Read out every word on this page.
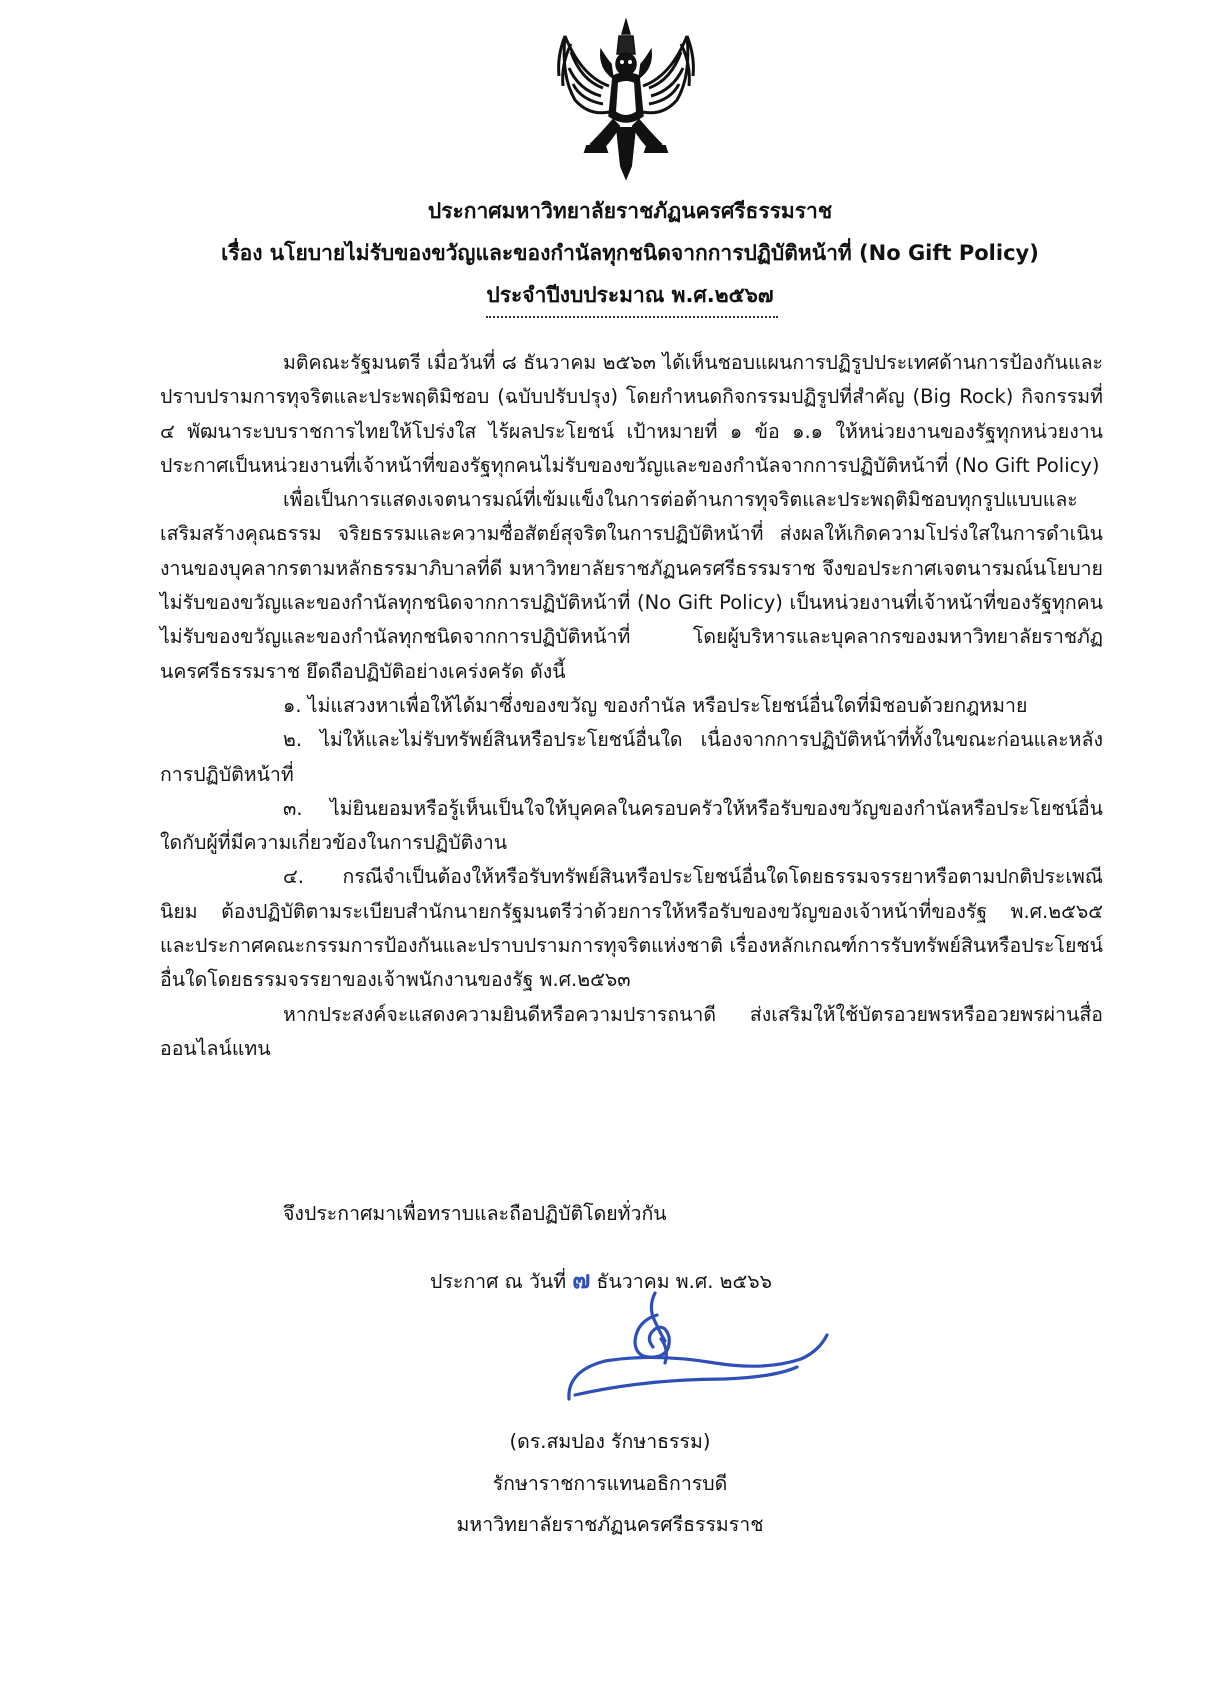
ประกาศมหาวิทยาลัยราชภัฏนครศรีธรรมราช

เรื่อง นโยบายไม่รับของขวัญและของกำนัลทุกชนิดจากการปฏิบัติหน้าที่ (No Gift Policy)

ประจำปีงบประมาณ พ.ศ.๒๕๖๗

มติคณะรัฐมนตรี เมื่อวันที่ ๘ ธันวาคม ๒๕๖๓ ได้เห็นชอบแผนการปฏิรูปประเทศด้านการป้องกันและปราบปรามการทุจริตและประพฤติมิชอบ (ฉบับปรับปรุง) โดยกำหนดกิจกรรมปฏิรูปที่สำคัญ (Big Rock) กิจกรรมที่ ๔ พัฒนาระบบราชการไทยให้โปร่งใส ไร้ผลประโยชน์ เป้าหมายที่ ๑ ข้อ ๑.๑ ให้หน่วยงานของรัฐทุกหน่วยงานประกาศเป็นหน่วยงานที่เจ้าหน้าที่ของรัฐทุกคนไม่รับของขวัญและของกำนัลจากการปฏิบัติหน้าที่ (No Gift Policy)

เพื่อเป็นการแสดงเจตนารมณ์ที่เข้มแข็งในการต่อต้านการทุจริตและประพฤติมิชอบทุกรูปแบบและเสริมสร้างคุณธรรม จริยธรรมและความซื่อสัตย์สุจริตในการปฏิบัติหน้าที่ ส่งผลให้เกิดความโปร่งใสในการดำเนินงานของบุคลากรตามหลักธรรมาภิบาลที่ดี มหาวิทยาลัยราชภัฏนครศรีธรรมราช จึงขอประกาศเจตนารมณ์นโยบายไม่รับของขวัญและของกำนัลทุกชนิดจากการปฏิบัติหน้าที่ (No Gift Policy) เป็นหน่วยงานที่เจ้าหน้าที่ของรัฐทุกคนไม่รับของขวัญและของกำนัลทุกชนิดจากการปฏิบัติหน้าที่ โดยผู้บริหารและบุคลากรของมหาวิทยาลัยราชภัฏนครศรีธรรมราช ยึดถือปฏิบัติอย่างเคร่งครัด ดังนี้

๑. ไม่แสวงหาเพื่อให้ได้มาซึ่งของขวัญ ของกำนัล หรือประโยชน์อื่นใดที่มิชอบด้วยกฎหมาย

๒. ไม่ให้และไม่รับทรัพย์สินหรือประโยชน์อื่นใด เนื่องจากการปฏิบัติหน้าที่ทั้งในขณะก่อนและหลังการปฏิบัติหน้าที่

๓. ไม่ยินยอมหรือรู้เห็นเป็นใจให้บุคคลในครอบครัวให้หรือรับของขวัญของกำนัลหรือประโยชน์อื่นใดกับผู้ที่มีความเกี่ยวข้องในการปฏิบัติงาน

๔. กรณีจำเป็นต้องให้หรือรับทรัพย์สินหรือประโยชน์อื่นใดโดยธรรมจรรยาหรือตามปกติประเพณีนิยม ต้องปฏิบัติตามระเบียบสำนักนายกรัฐมนตรีว่าด้วยการให้หรือรับของขวัญของเจ้าหน้าที่ของรัฐ พ.ศ.๒๕๖๕ และประกาศคณะกรรมการป้องกันและปราบปรามการทุจริตแห่งชาติ เรื่องหลักเกณฑ์การรับทรัพย์สินหรือประโยชน์อื่นใดโดยธรรมจรรยาของเจ้าพนักงานของรัฐ พ.ศ.๒๕๖๓

หากประสงค์จะแสดงความยินดีหรือความปรารถนาดี ส่งเสริมให้ใช้บัตรอวยพรหรืออวยพรผ่านสื่อออนไลน์แทน

จึงประกาศมาเพื่อทราบและถือปฏิบัติโดยทั่วกัน

ประกาศ ณ วันที่ ๗ ธันวาคม พ.ศ. ๒๕๖๖

(ดร.สมปอง รักษาธรรม)

รักษาราชการแทนอธิการบดี

มหาวิทยาลัยราชภัฏนครศรีธรรมราช
